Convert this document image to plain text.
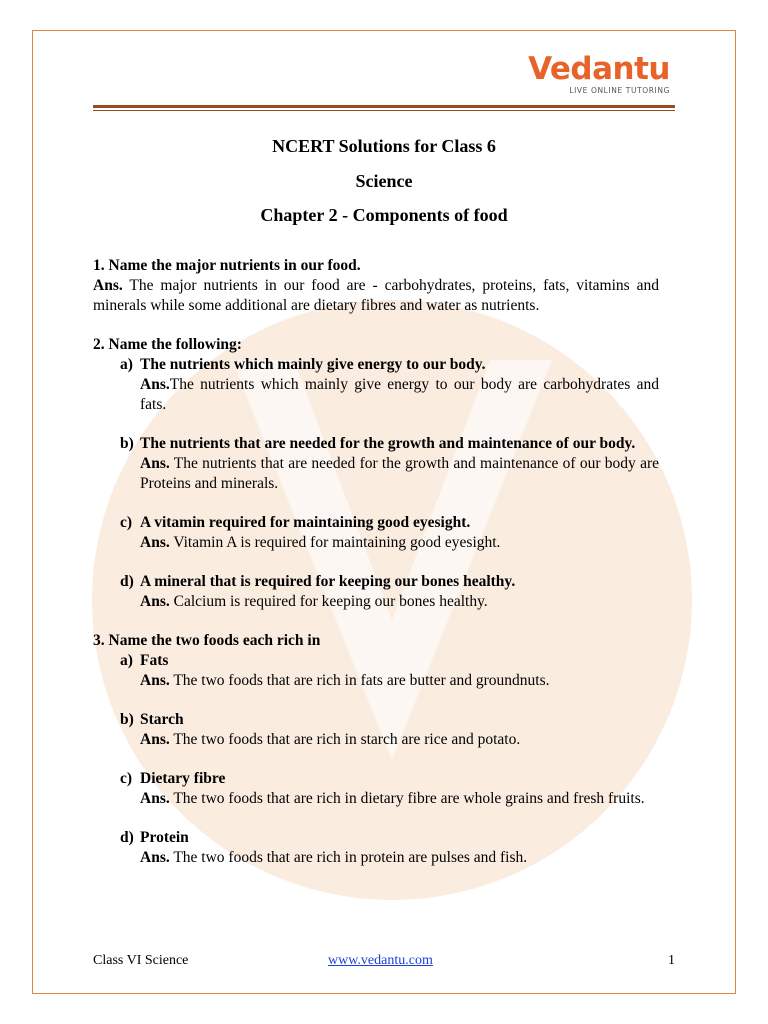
Vedantu
LIVE ONLINE TUTORING
NCERT Solutions for Class 6
Science
Chapter 2 - Components of food
1. Name the major nutrients in our food.
Ans. The major nutrients in our food are - carbohydrates, proteins, fats, vitamins and minerals while some additional are dietary fibres and water as nutrients.
2. Name the following:
a) The nutrients which mainly give energy to our body.
Ans.The nutrients which mainly give energy to our body are carbohydrates and fats.
b) The nutrients that are needed for the growth and maintenance of our body.
Ans. The nutrients that are needed for the growth and maintenance of our body are Proteins and minerals.
c) A vitamin required for maintaining good eyesight.
Ans. Vitamin A is required for maintaining good eyesight.
d) A mineral that is required for keeping our bones healthy.
Ans. Calcium is required for keeping our bones healthy.
3. Name the two foods each rich in
a) Fats
Ans. The two foods that are rich in fats are butter and groundnuts.
b) Starch
Ans. The two foods that are rich in starch are rice and potato.
c) Dietary fibre
Ans. The two foods that are rich in dietary fibre are whole grains and fresh fruits.
d) Protein
Ans. The two foods that are rich in protein are pulses and fish.
Class VI Science	www.vedantu.com	1
